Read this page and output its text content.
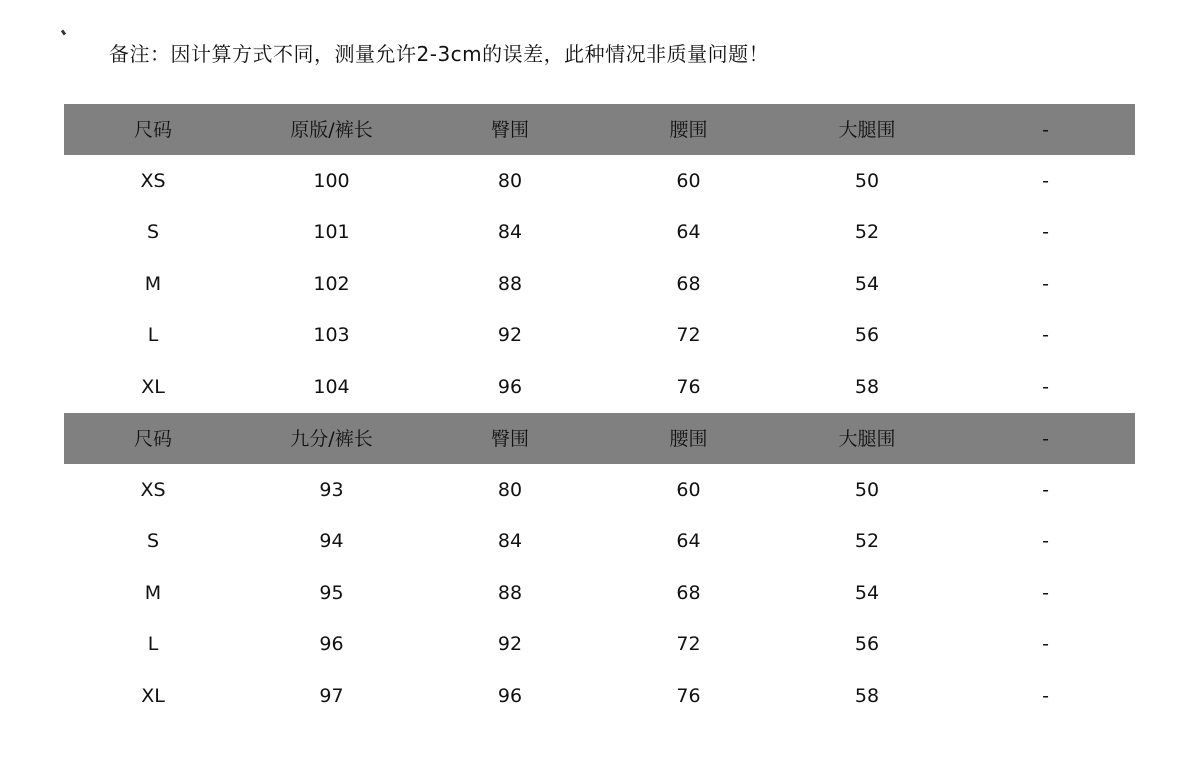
备注：因计算方式不同，测量允许2-3cm的误差，此种情况非质量问题！
尺码	原版/裤长	臀围	腰围	大腿围	-
XS	100	80	60	50	-
S	101	84	64	52	-
M	102	88	68	54	-
L	103	92	72	56	-
XL	104	96	76	58	-
尺码	九分/裤长	臀围	腰围	大腿围	-
XS	93	80	60	50	-
S	94	84	64	52	-
M	95	88	68	54	-
L	96	92	72	56	-
XL	97	96	76	58	-
